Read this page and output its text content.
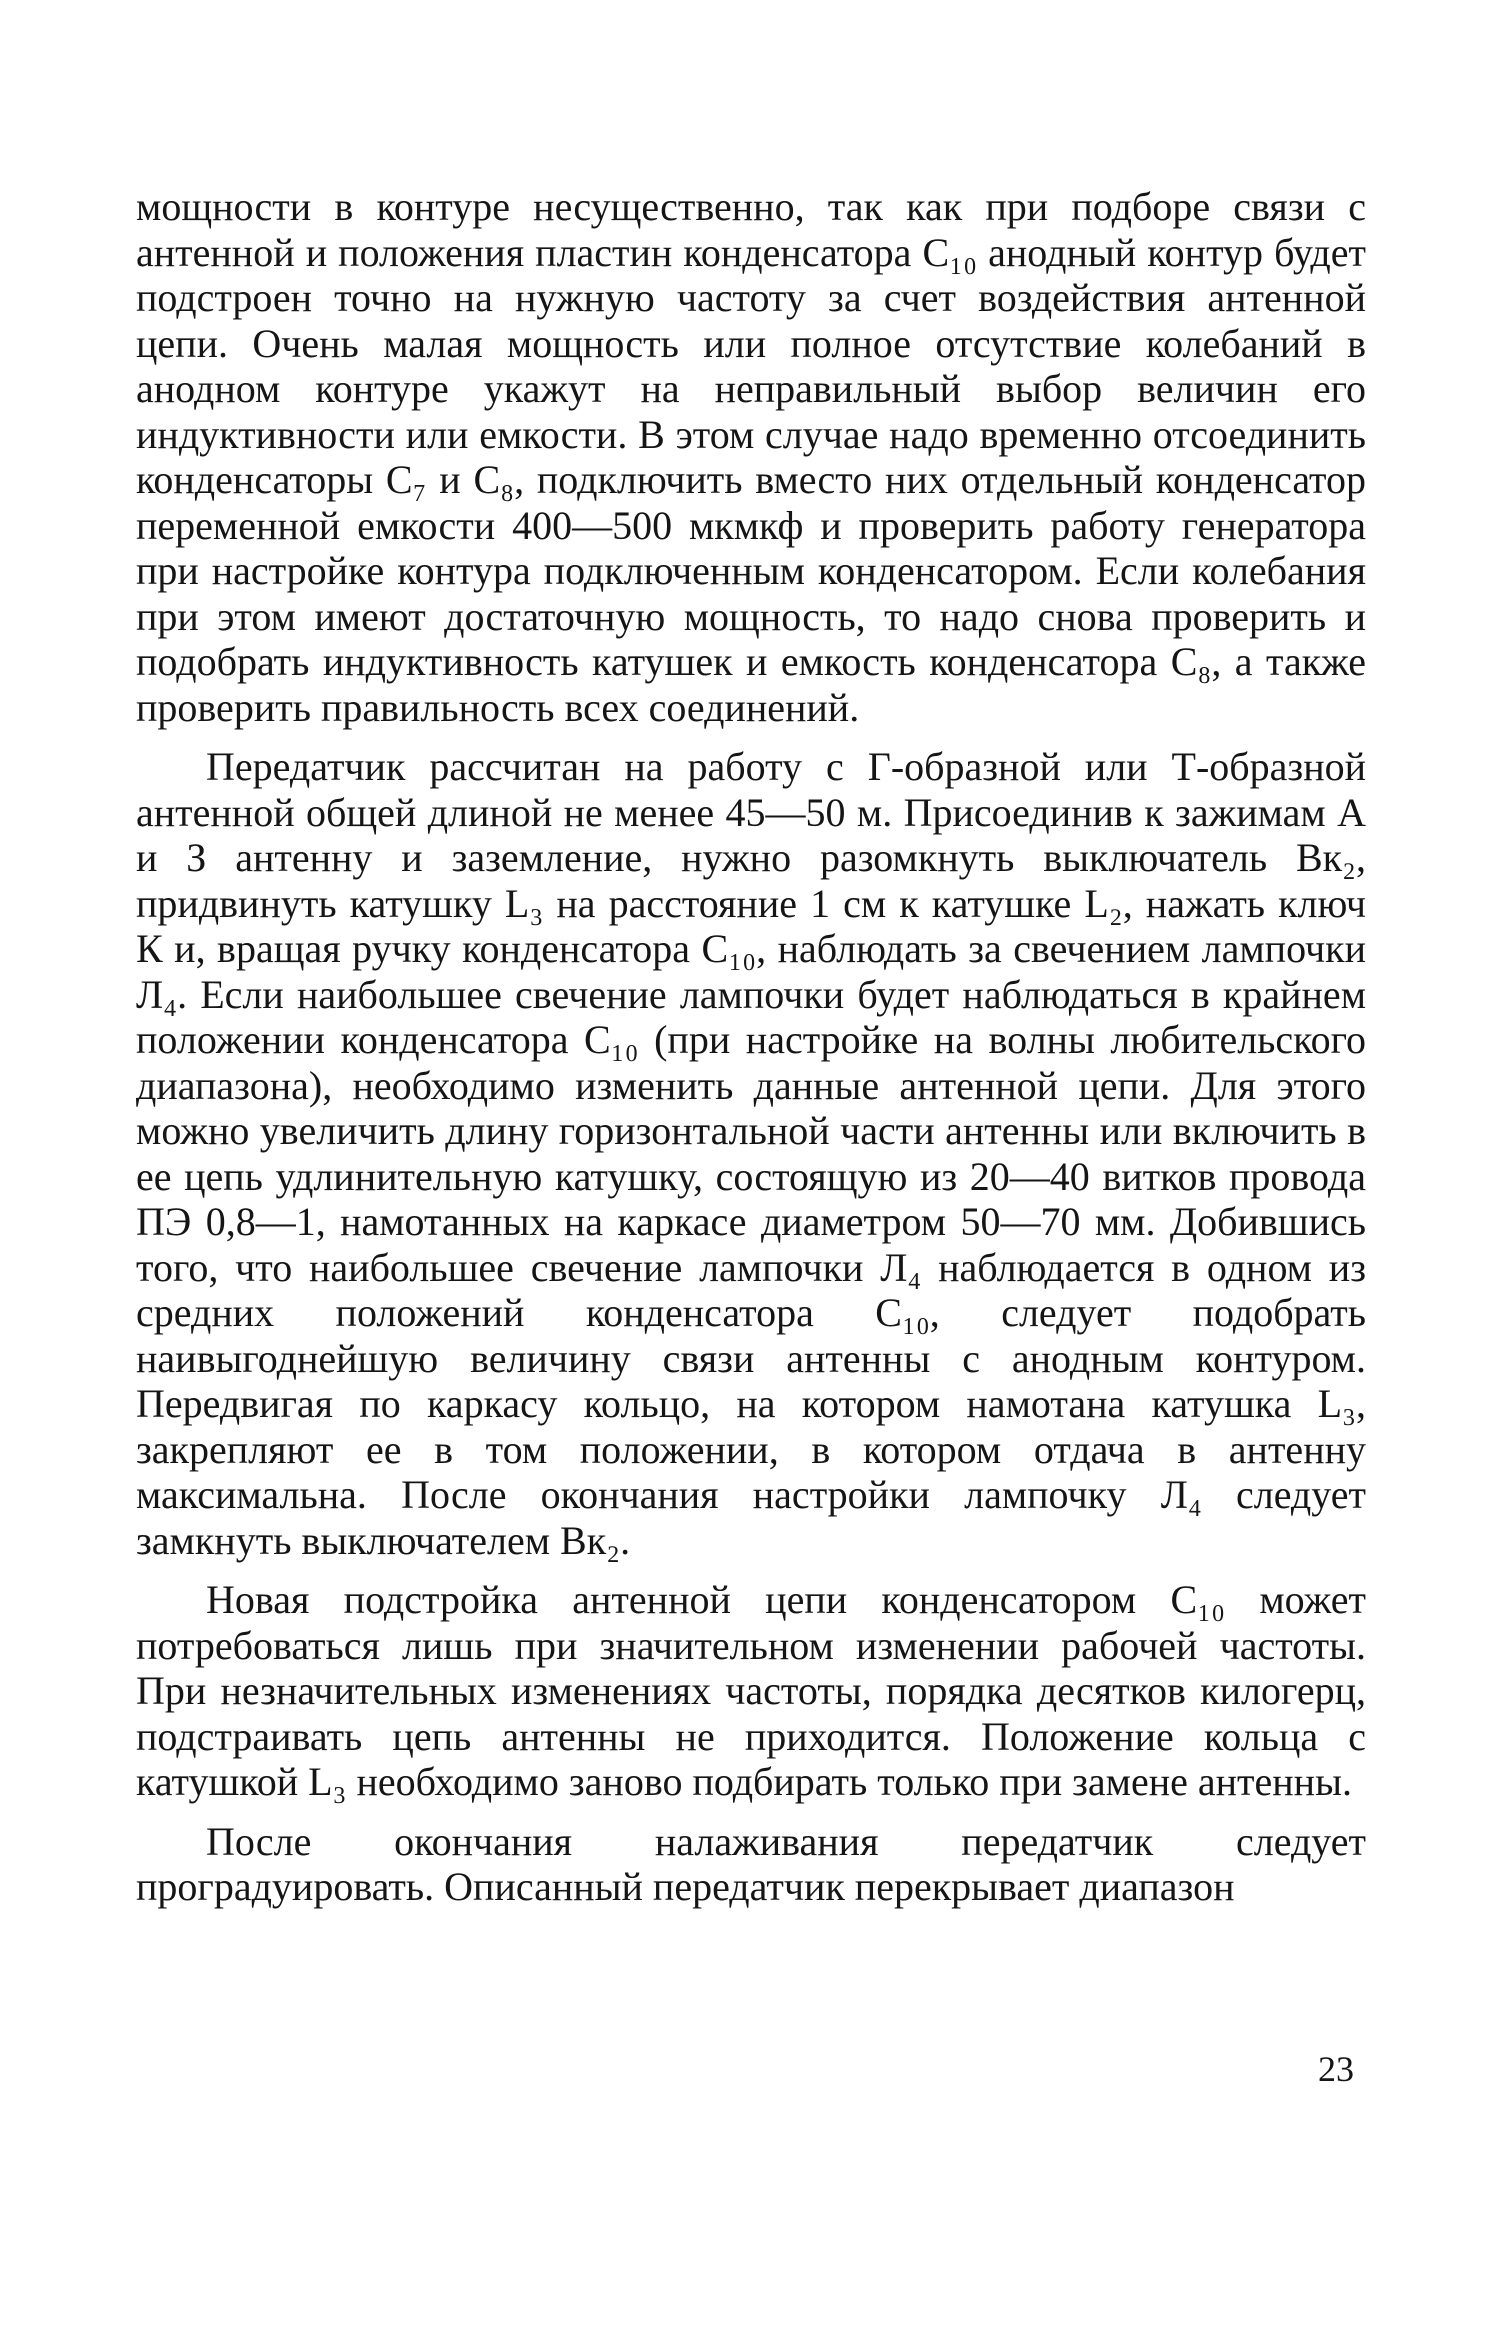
мощности в контуре несущественно, так как при подборе связи с антенной и положения пластин конденсатора C₁₀ анодный контур будет подстроен точно на нужную частоту за счет воздействия антенной цепи. Очень малая мощность или полное отсутствие колебаний в анодном контуре укажут на неправильный выбор величин его индуктивности или емкости. В этом случае надо временно отсоединить конденсаторы C₇ и C₈, подключить вместо них отдельный конденсатор переменной емкости 400—500 мкмкф и проверить работу генератора при настройке контура подключенным конденсатором. Если колебания при этом имеют достаточную мощность, то надо снова проверить и подобрать индуктивность катушек и емкость конденсатора C₈, а также проверить правильность всех соединений.

Передатчик рассчитан на работу с Г-образной или Т-образной антенной общей длиной не менее 45—50 м. Присоединив к зажимам А и З антенну и заземление, нужно разомкнуть выключатель Вк₂, придвинуть катушку L₃ на расстояние 1 см к катушке L₂, нажать ключ К и, вращая ручку конденсатора C₁₀, наблюдать за свечением лампочки Л₄. Если наибольшее свечение лампочки будет наблюдаться в крайнем положении конденсатора C₁₀ (при настройке на волны любительского диапазона), необходимо изменить данные антенной цепи. Для этого можно увеличить длину горизонтальной части антенны или включить в ее цепь удлинительную катушку, состоящую из 20—40 витков провода ПЭ 0,8—1, намотанных на каркасе диаметром 50—70 мм. Добившись того, что наибольшее свечение лампочки Л₄ наблюдается в одном из средних положений конденсатора C₁₀, следует подобрать наивыгоднейшую величину связи антенны с анодным контуром. Передвигая по каркасу кольцо, на котором намотана катушка L₃, закрепляют ее в том положении, в котором отдача в антенну максимальна. После окончания настройки лампочку Л₄ следует замкнуть выключателем Вк₂.

Новая подстройка антенной цепи конденсатором C₁₀ может потребоваться лишь при значительном изменении рабочей частоты. При незначительных изменениях частоты, порядка десятков килогерц, подстраивать цепь антенны не приходится. Положение кольца с катушкой L₃ необходимо заново подбирать только при замене антенны.

После окончания налаживания передатчик следует проградуировать. Описанный передатчик перекрывает диапазон

23
